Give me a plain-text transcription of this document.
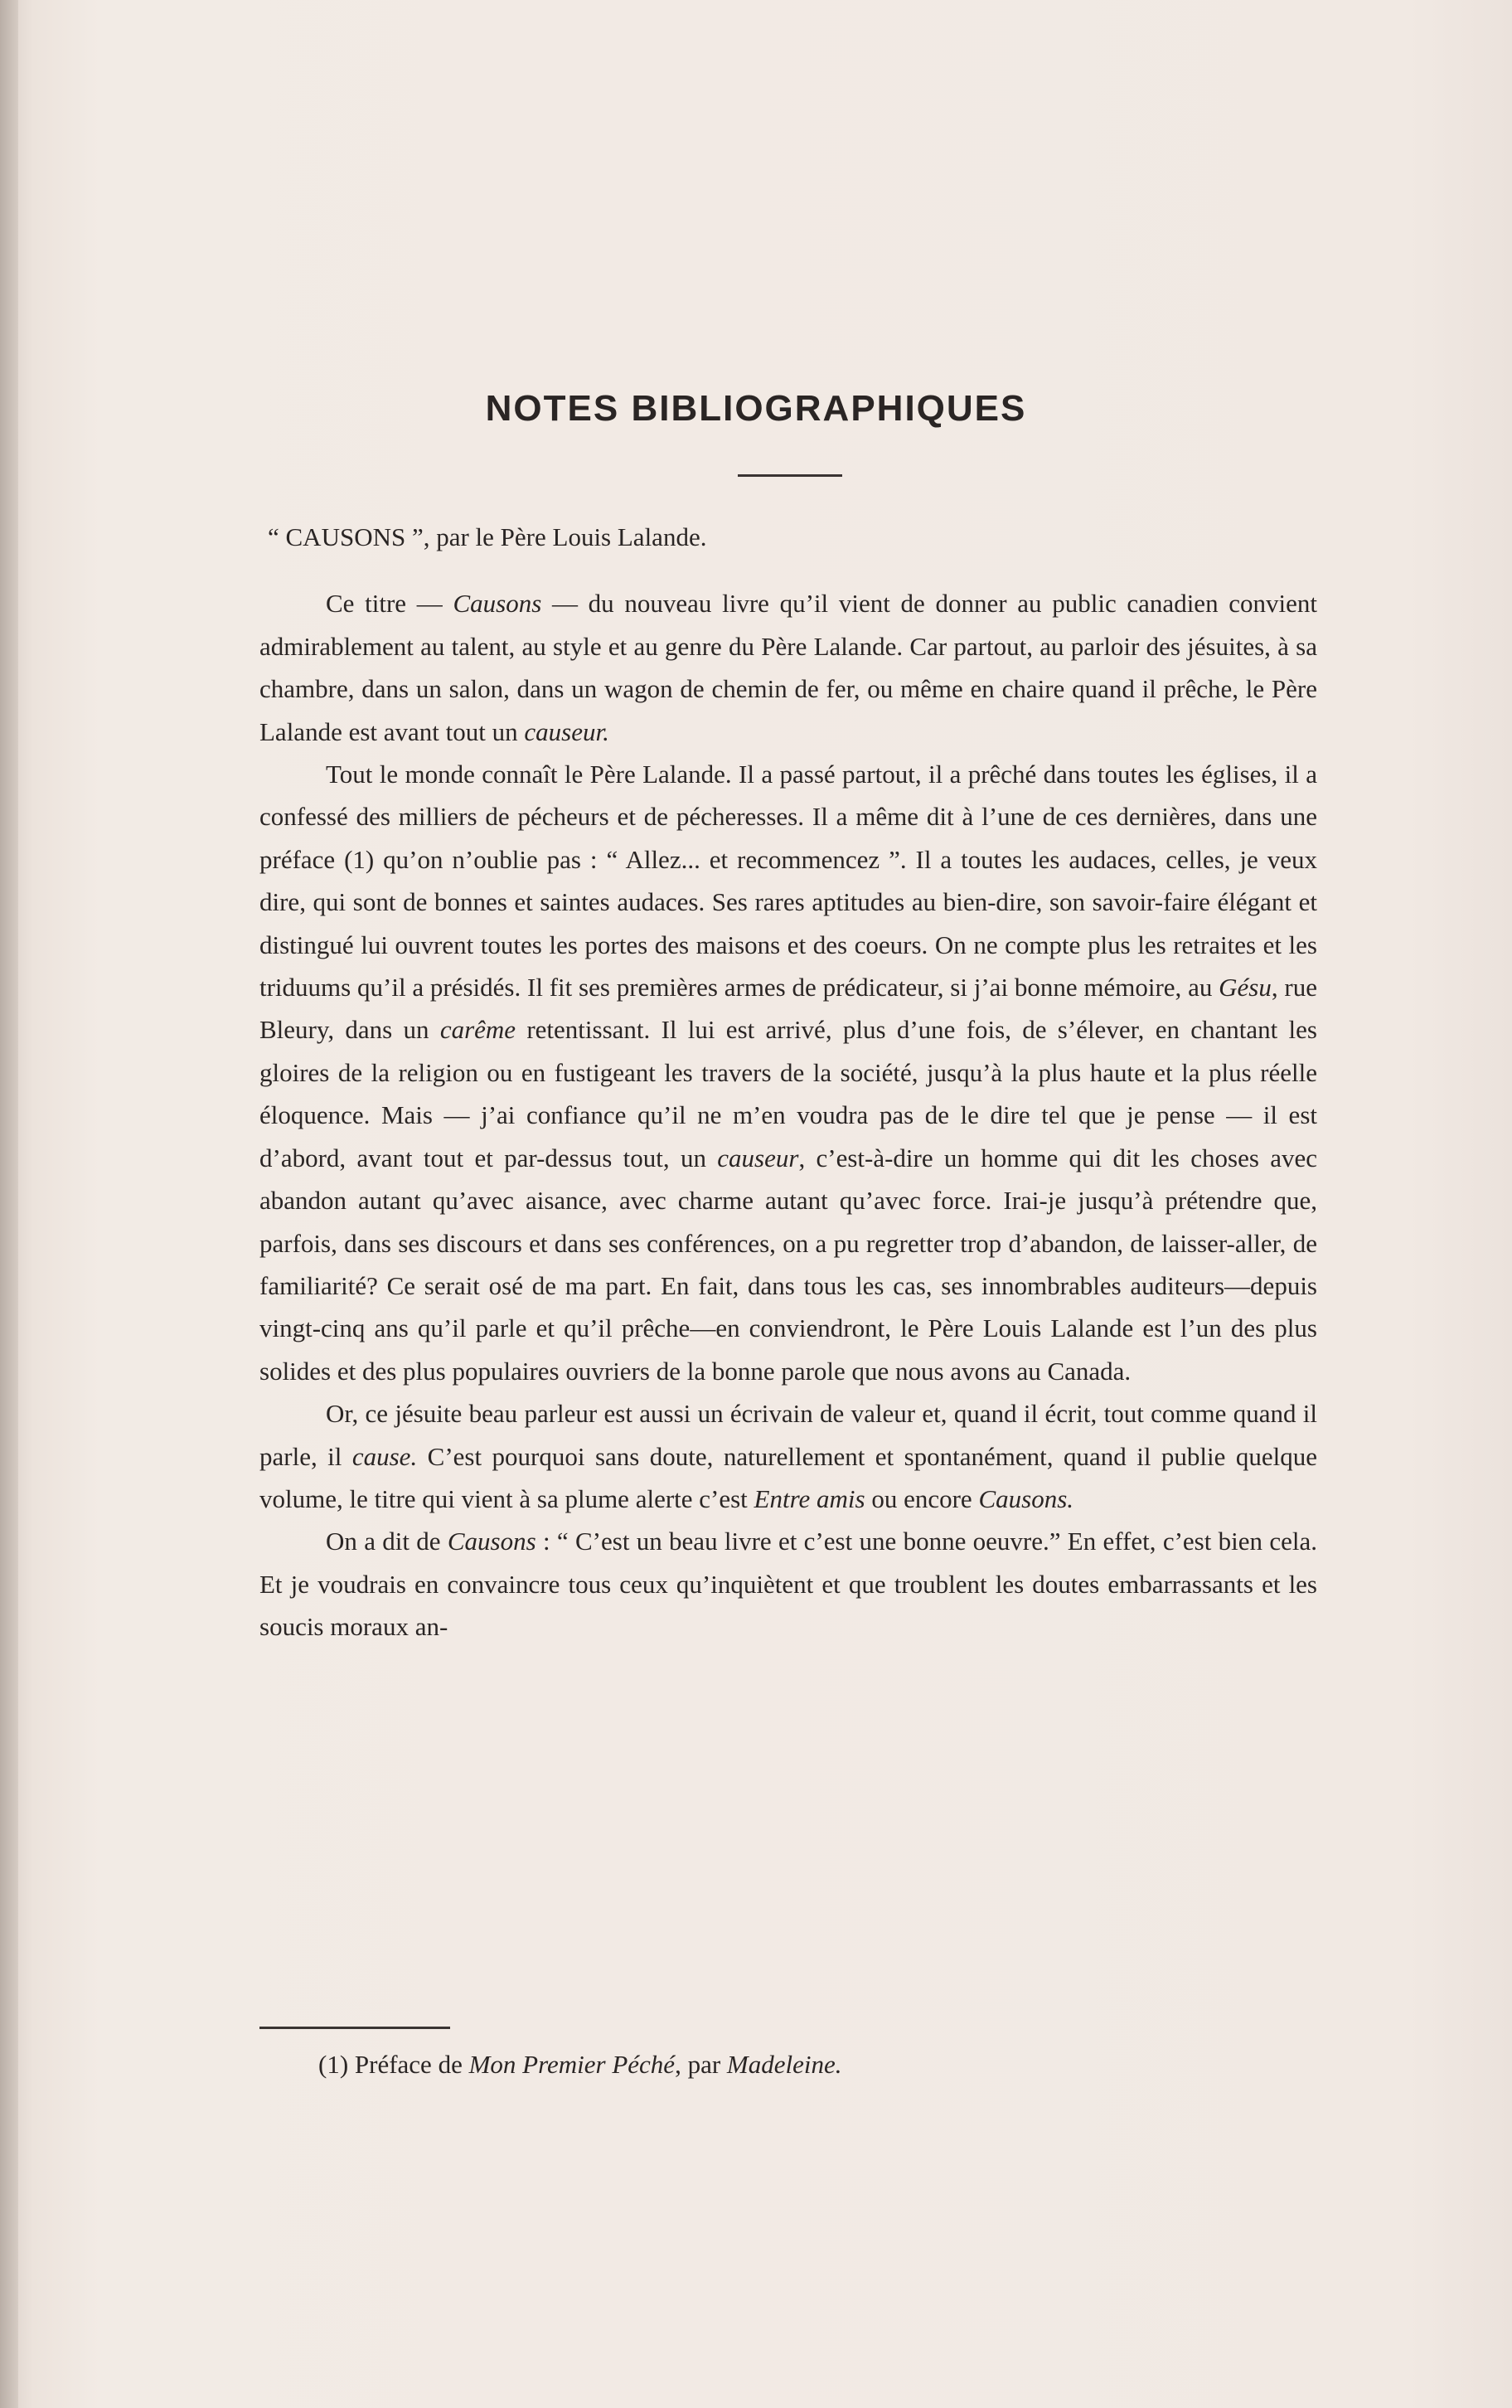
NOTES BIBLIOGRAPHIQUES

“ CAUSONS ”, par le Père Louis Lalande.

Ce titre — Causons — du nouveau livre qu’il vient de donner au public canadien convient admirablement au talent, au style et au genre du Père Lalande. Car partout, au parloir des jésuites, à sa chambre, dans un salon, dans un wagon de chemin de fer, ou même en chaire quand il prêche, le Père Lalande est avant tout un causeur.

Tout le monde connaît le Père Lalande. Il a passé partout, il a prêché dans toutes les églises, il a confessé des milliers de pécheurs et de pécheresses. Il a même dit à l’une de ces dernières, dans une préface (1) qu’on n’oublie pas : “ Allez... et recommencez ”. Il a toutes les audaces, celles, je veux dire, qui sont de bonnes et saintes audaces. Ses rares aptitudes au bien-dire, son savoir-faire élégant et distingué lui ouvrent toutes les portes des maisons et des coeurs. On ne compte plus les retraites et les triduums qu’il a présidés. Il fit ses premières armes de prédicateur, si j’ai bonne mémoire, au Gésu, rue Bleury, dans un carême retentissant. Il lui est arrivé, plus d’une fois, de s’élever, en chantant les gloires de la religion ou en fustigeant les travers de la société, jusqu’à la plus haute et la plus réelle éloquence. Mais — j’ai confiance qu’il ne m’en voudra pas de le dire tel que je pense — il est d’abord, avant tout et par-dessus tout, un causeur, c’est-à-dire un homme qui dit les choses avec abandon autant qu’avec aisance, avec charme autant qu’avec force. Irai-je jusqu’à prétendre que, parfois, dans ses discours et dans ses conférences, on a pu regretter trop d’abandon, de laisser-aller, de familiarité? Ce serait osé de ma part. En fait, dans tous les cas, ses innombrables auditeurs—depuis vingt-cinq ans qu’il parle et qu’il prêche—en conviendront, le Père Louis Lalande est l’un des plus solides et des plus populaires ouvriers de la bonne parole que nous avons au Canada.

Or, ce jésuite beau parleur est aussi un écrivain de valeur et, quand il écrit, tout comme quand il parle, il cause. C’est pourquoi sans doute, naturellement et spontanément, quand il publie quelque volume, le titre qui vient à sa plume alerte c’est Entre amis ou encore Causons.

On a dit de Causons : “ C’est un beau livre et c’est une bonne oeuvre.” En effet, c’est bien cela. Et je voudrais en convaincre tous ceux qu’inquiètent et que troublent les doutes embarrassants et les soucis moraux an-

(1) Préface de Mon Premier Péché, par Madeleine.
